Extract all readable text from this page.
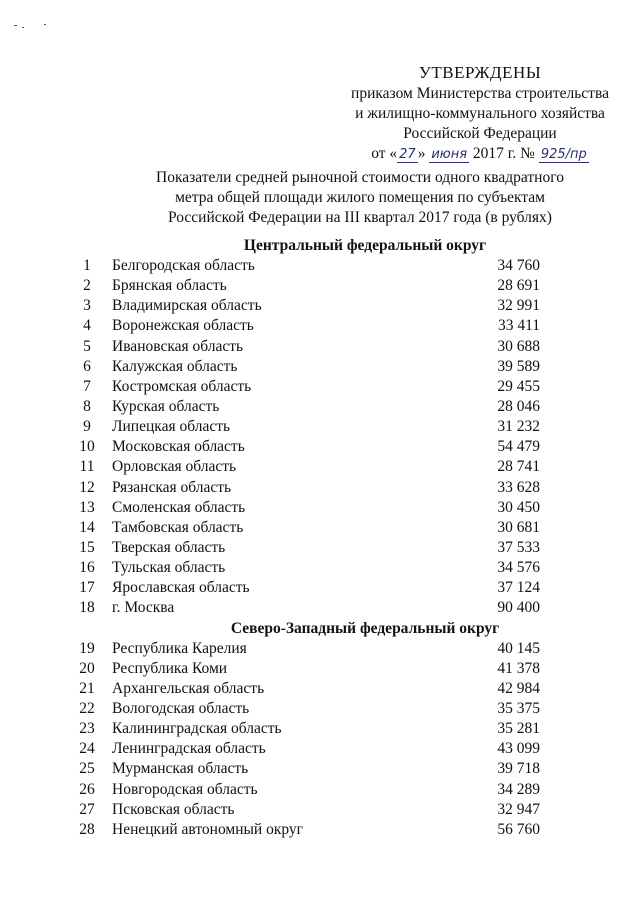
УТВЕРЖДЕНЫ
приказом Министерства строительства
и жилищно-коммунального хозяйства
Российской Федерации
от « 27 » июня 2017 г. № 925/пр
Показатели средней рыночной стоимости одного квадратного
метра общей площади жилого помещения по субъектам
Российской Федерации на III квартал 2017 года (в рублях)
Центральный федеральный округ
1	Белгородская область	34 760
2	Брянская область	28 691
3	Владимирская область	32 991
4	Воронежская область	33 411
5	Ивановская область	30 688
6	Калужская область	39 589
7	Костромская область	29 455
8	Курская область	28 046
9	Липецкая область	31 232
10 Московская область	54 479
11 Орловская область	28 741
12 Рязанская область	33 628
13 Смоленская область	30 450
14 Тамбовская область	30 681
15 Тверская область	37 533
16 Тульская область	34 576
17 Ярославская область	37 124
18 г. Москва	90 400
Северо-Западный федеральный округ
19 Республика Карелия	40 145
20 Республика Коми	41 378
21 Архангельская область	42 984
22 Вологодская область	35 375
23 Калининградская область	35 281
24 Ленинградская область	43 099
25 Мурманская область	39 718
26 Новгородская область	34 289
27 Псковская область	32 947
28 Ненецкий автономный округ	56 760
